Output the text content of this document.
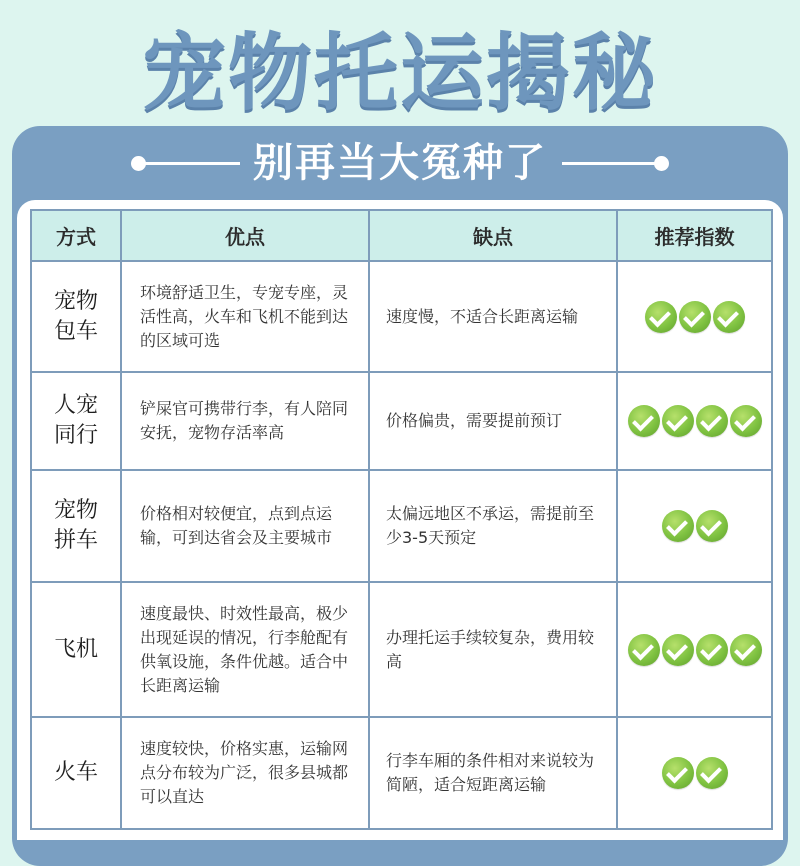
宠物托运揭秘
别再当大冤种了
方式	优点	缺点	推荐指数

宠物
包车	环境舒适卫生，专宠专座，灵活性高，火车和飞机不能到达的区域可选	速度慢，不适合长距离运输	

人宠
同行	铲屎官可携带行李，有人陪同安抚，宠物存活率高	价格偏贵，需要提前预订	

宠物
拼车	价格相对较便宜，点到点运输，可到达省会及主要城市	太偏远地区不承运，需提前至少3-5天预定	

飞机	速度最快、时效性最高，极少出现延误的情况，行李舱配有供氧设施，条件优越。适合中长距离运输	办理托运手续较复杂，费用较高	

火车	速度较快，价格实惠，运输网点分布较为广泛，很多县城都可以直达	行李车厢的条件相对来说较为简陋，适合短距离运输	
